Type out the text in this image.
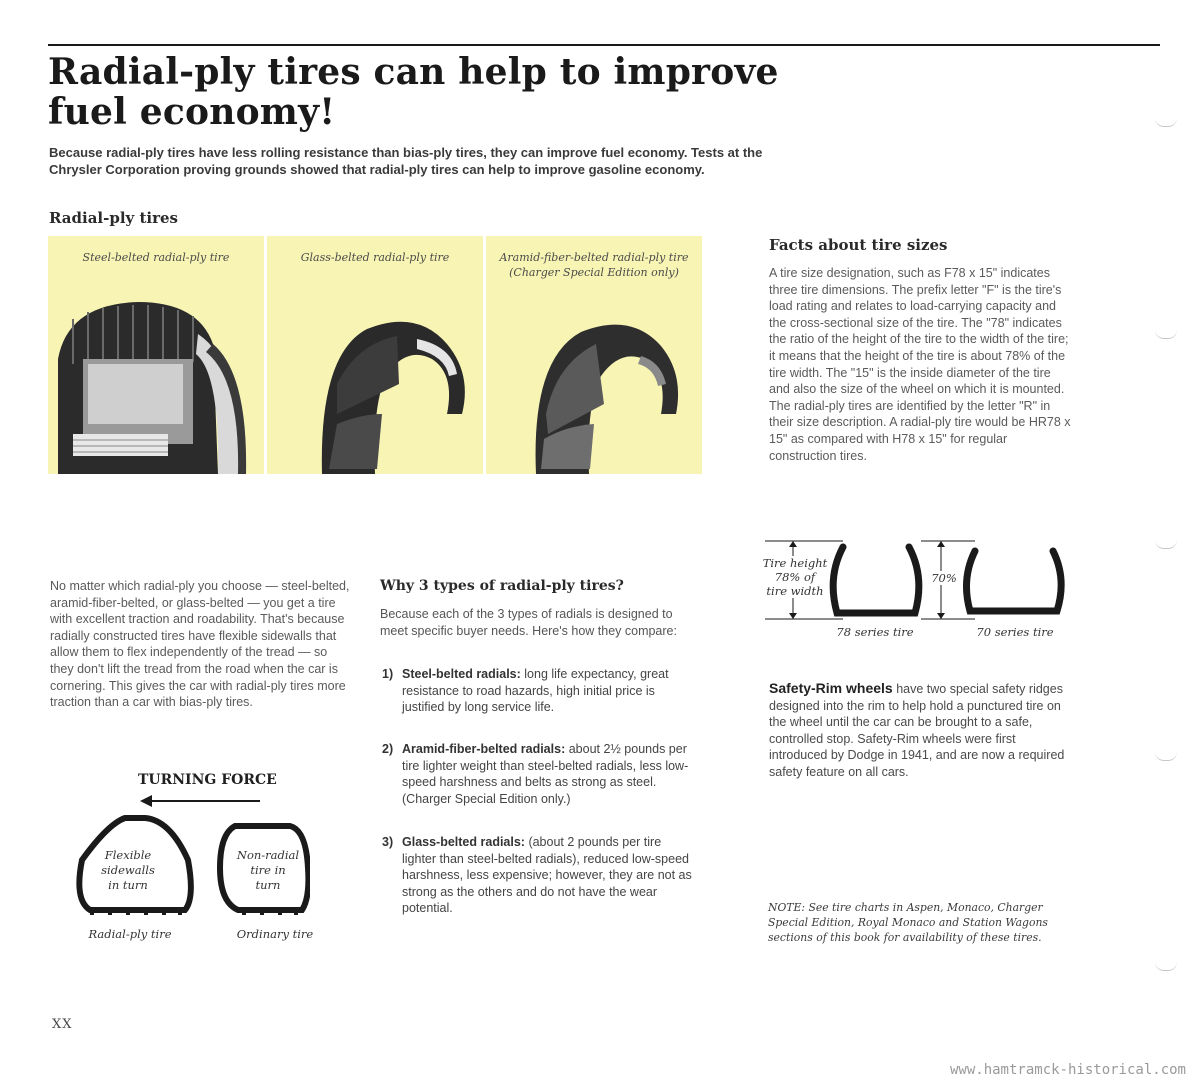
Radial-ply tires can help to improve fuel economy!

Because radial-ply tires have less rolling resistance than bias-ply tires, they can improve fuel economy. Tests at the Chrysler Corporation proving grounds showed that radial-ply tires can help to improve gasoline economy.

Radial-ply tires
Steel-belted radial-ply tire	Glass-belted radial-ply tire	Aramid-fiber-belted radial-ply tire
(Charger Special Edition only)
Facts about tire sizes

A tire size designation, such as F78 x 15" indicates three tire dimensions. The prefix letter "F" is the tire's load rating and relates to load-carrying capacity and the cross-sectional size of the tire. The "78" indicates the ratio of the height of the tire to the width of the tire; it means that the height of the tire is about 78% of the tire width. The "15" is the inside diameter of the tire and also the size of the wheel on which it is mounted. The radial-ply tires are identified by the letter "R" in their size description. A radial-ply tire would be HR78 x 15" as compared with H78 x 15" for regular construction tires.

Tire height
78% of
tire width
70%
78 series tire	70 series tire

Safety-Rim wheels have two special safety ridges designed into the rim to help hold a punctured tire on the wheel until the car can be brought to a safe, controlled stop. Safety-Rim wheels were first introduced by Dodge in 1941, and are now a required safety feature on all cars.

NOTE: See tire charts in Aspen, Monaco, Charger Special Edition, Royal Monaco and Station Wagons sections of this book for availability of these tires.

No matter which radial-ply you choose — steel-belted, aramid-fiber-belted, or glass-belted — you get a tire with excellent traction and roadability. That's because radially constructed tires have flexible sidewalls that allow them to flex independently of the tread — so they don't lift the tread from the road when the car is cornering. This gives the car with radial-ply tires more traction than a car with bias-ply tires.

Why 3 types of radial-ply tires?

Because each of the 3 types of radials is designed to meet specific buyer needs. Here's how they compare:

1) Steel-belted radials: long life expectancy, great resistance to road hazards, high initial price is justified by long service life.
2) Aramid-fiber-belted radials: about 2½ pounds per tire lighter weight than steel-belted radials, less low-speed harshness and belts as strong as steel. (Charger Special Edition only.)
3) Glass-belted radials: (about 2 pounds per tire lighter than steel-belted radials), reduced low-speed harshness, less expensive; however, they are not as strong as the others and do not have the wear potential.
TURNING FORCE
Flexible
sidewalls
in turn
Non-radial
tire in
turn
Radial-ply tire	Ordinary tire
XX
www.hamtramck-historical.com
